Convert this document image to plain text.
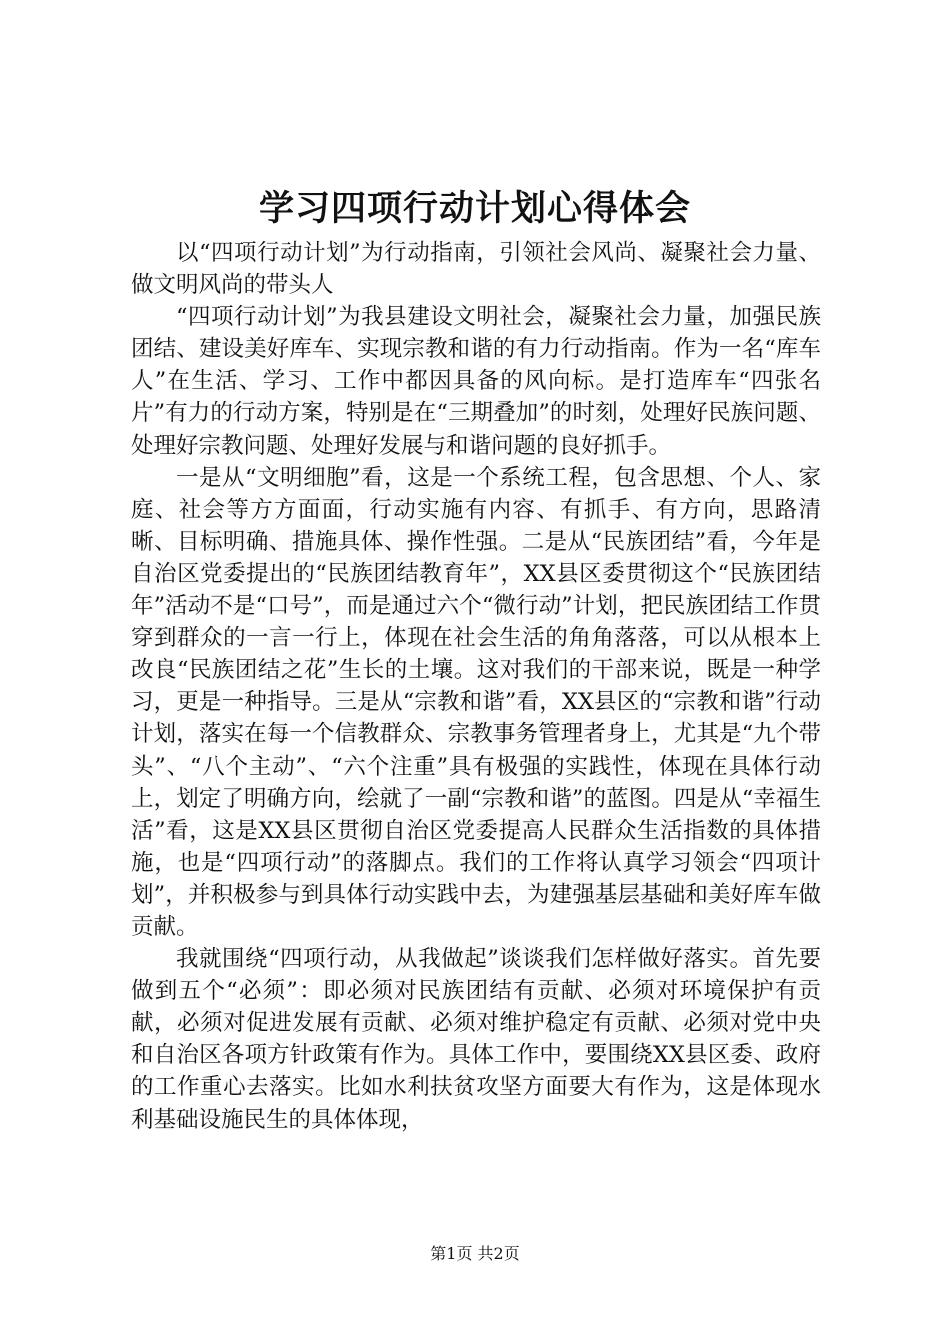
学习四项行动计划心得体会

以“四项行动计划”为行动指南，引领社会风尚、凝聚社会力量、做文明风尚的带头人

“四项行动计划”为我县建设文明社会，凝聚社会力量，加强民族团结、建设美好库车、实现宗教和谐的有力行动指南。作为一名“库车人”在生活、学习、工作中都因具备的风向标。是打造库车“四张名片”有力的行动方案，特别是在“三期叠加”的时刻，处理好民族问题、处理好宗教问题、处理好发展与和谐问题的良好抓手。

一是从“文明细胞”看，这是一个系统工程，包含思想、个人、家庭、社会等方方面面，行动实施有内容、有抓手、有方向，思路清晰、目标明确、措施具体、操作性强。二是从“民族团结”看，今年是自治区党委提出的“民族团结教育年”，XX县区委贯彻这个“民族团结年”活动不是“口号”，而是通过六个“微行动”计划，把民族团结工作贯穿到群众的一言一行上，体现在社会生活的角角落落，可以从根本上改良“民族团结之花”生长的土壤。这对我们的干部来说，既是一种学习，更是一种指导。三是从“宗教和谐”看，XX县区的“宗教和谐”行动计划，落实在每一个信教群众、宗教事务管理者身上，尤其是“九个带头”、“八个主动”、“六个注重”具有极强的实践性，体现在具体行动上，划定了明确方向，绘就了一副“宗教和谐”的蓝图。四是从“幸福生活”看，这是XX县区贯彻自治区党委提高人民群众生活指数的具体措施，也是“四项行动”的落脚点。我们的工作将认真学习领会“四项计划”，并积极参与到具体行动实践中去，为建强基层基础和美好库车做贡献。

我就围绕“四项行动，从我做起”谈谈我们怎样做好落实。首先要做到五个“必须”：即必须对民族团结有贡献、必须对环境保护有贡献，必须对促进发展有贡献、必须对维护稳定有贡献、必须对党中央和自治区各项方针政策有作为。具体工作中，要围绕XX县区委、政府的工作重心去落实。比如水利扶贫攻坚方面要大有作为，这是体现水利基础设施民生的具体体现，

第1页 共2页
